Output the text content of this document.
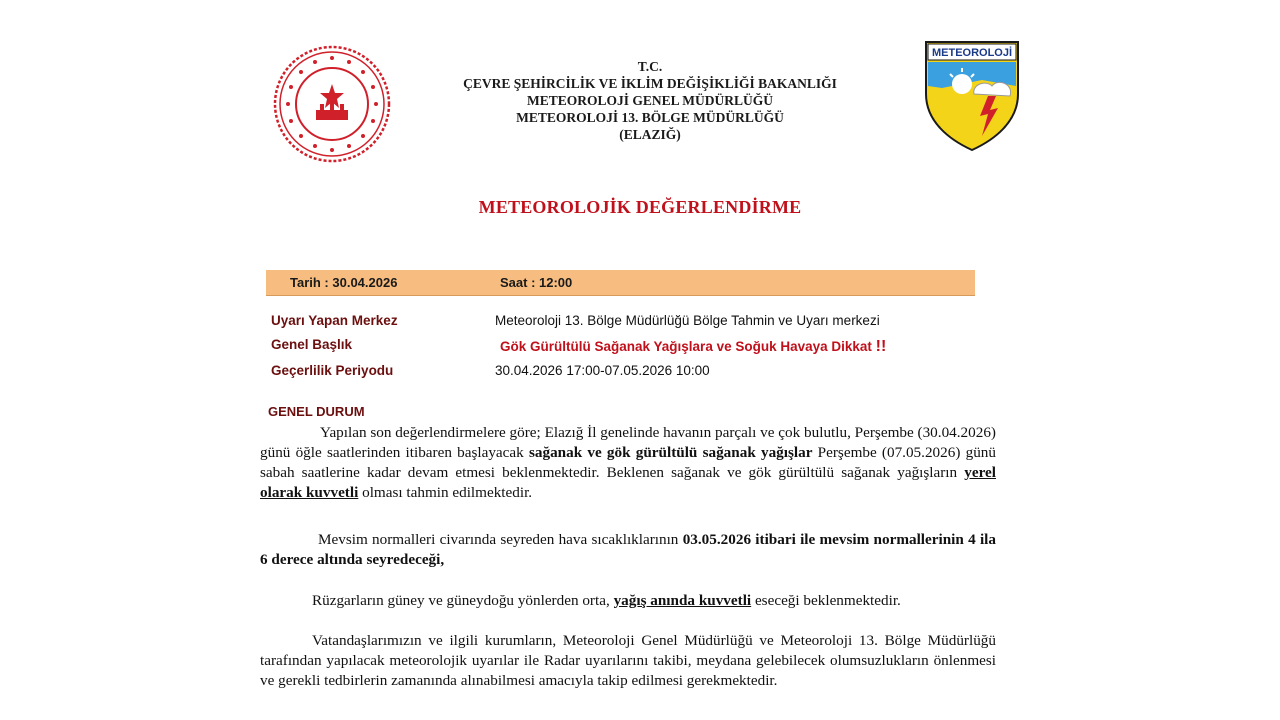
T.C.
ÇEVRE ŞEHİRCİLİK VE İKLİM DEĞİŞİKLİĞİ BAKANLIĞI
METEOROLOJİ GENEL MÜDÜRLÜĞÜ
METEOROLOJİ 13. BÖLGE MÜDÜRLÜĞÜ
(ELAZIĞ)
METEOROLOJİ
METEOROLOJİK DEĞERLENDİRME
Tarih : 30.04.2026	Saat : 12:00
Uyarı Yapan Merkez	Meteoroloji 13. Bölge Müdürlüğü Bölge Tahmin ve Uyarı merkezi
Genel Başlık	Gök Gürültülü Sağanak Yağışlara ve Soğuk Havaya Dikkat !!
Geçerlilik Periyodu	30.04.2026 17:00-07.05.2026 10:00
GENEL DURUM

Yapılan son değerlendirmelere göre; Elazığ İl genelinde havanın parçalı ve çok bulutlu, Perşembe (30.04.2026) günü öğle saatlerinden itibaren başlayacak sağanak ve gök gürültülü sağanak yağışlar Perşembe (07.05.2026) günü sabah saatlerine kadar devam etmesi beklenmektedir. Beklenen sağanak ve gök gürültülü sağanak yağışların yerel olarak kuvvetli olması tahmin edilmektedir.

Mevsim normalleri civarında seyreden hava sıcaklıklarının 03.05.2026 itibari ile mevsim normallerinin 4 ila 6 derece altında seyredeceği,

Rüzgarların güney ve güneydoğu yönlerden orta, yağış anında kuvvetli eseceği beklenmektedir.

Vatandaşlarımızın ve ilgili kurumların, Meteoroloji Genel Müdürlüğü ve Meteoroloji 13. Bölge Müdürlüğü tarafından yapılacak meteorolojik uyarılar ile Radar uyarılarını takibi, meydana gelebilecek olumsuzlukların önlenmesi ve gerekli tedbirlerin zamanında alınabilmesi amacıyla takip edilmesi gerekmektedir.
